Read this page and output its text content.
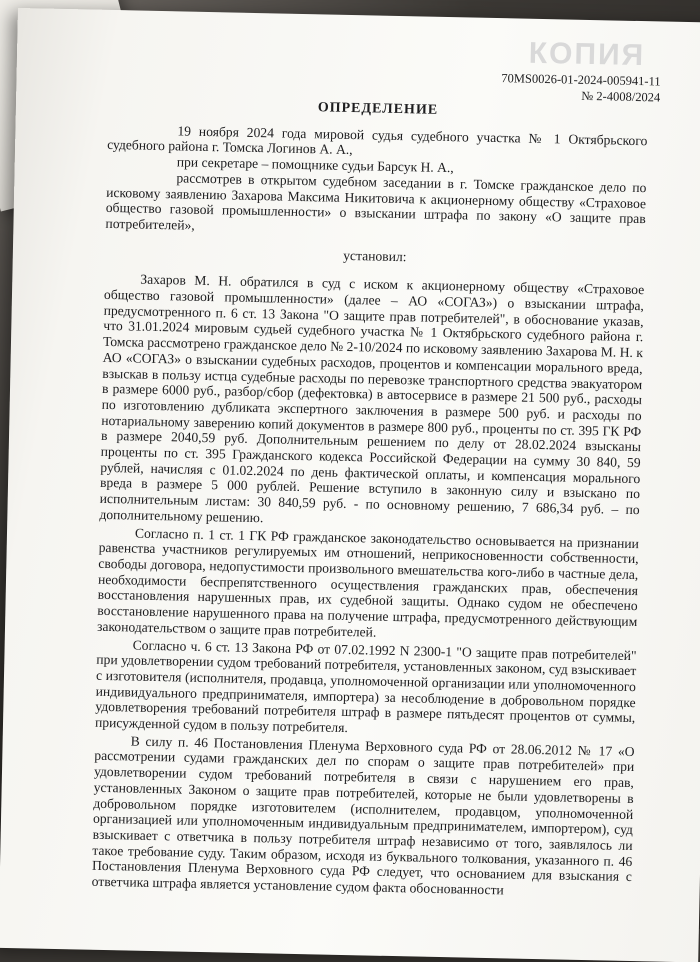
КОПИЯ
70MS0026-01-2024-005941-11
№ 2-4008/2024
ОПРЕДЕЛЕНИЕ

19 ноября 2024 года мировой судья судебного участка № 1 Октябрьского судебного района г. Томска Логинов А. А.,

при секретаре – помощнике судьи Барсук Н. А.,

рассмотрев в открытом судебном заседании в г. Томске гражданское дело по исковому заявлению Захарова Максима Никитовича к акционерному обществу «Страховое общество газовой промышленности» о взыскании штрафа по закону «О защите прав потребителей»,

установил:

Захаров М. Н. обратился в суд с иском к акционерному обществу «Страховое общество газовой промышленности» (далее – АО «СОГАЗ») о взыскании штрафа, предусмотренного п. 6 ст. 13 Закона "О защите прав потребителей", в обоснование указав, что 31.01.2024 мировым судьей судебного участка № 1 Октябрьского судебного района г. Томска рассмотрено гражданское дело № 2-10/2024 по исковому заявлению Захарова М. Н. к АО «СОГАЗ» о взыскании судебных расходов, процентов и компенсации морального вреда, взыскав в пользу истца судебные расходы по перевозке транспортного средства эвакуатором в размере 6000 руб., разбор/сбор (дефектовка) в автосервисе в размере 21 500 руб., расходы по изготовлению дубликата экспертного заключения в размере 500 руб. и расходы по нотариальному заверению копий документов в размере 800 руб., проценты по ст. 395 ГК РФ в размере 2040,59 руб. Дополнительным решением по делу от 28.02.2024 взысканы проценты по ст. 395 Гражданского кодекса Российской Федерации на сумму 30 840, 59 рублей, начисляя с 01.02.2024 по день фактической оплаты, и компенсация морального вреда в размере 5 000 рублей. Решение вступило в законную силу и взыскано по исполнительным листам: 30 840,59 руб. - по основному решению, 7 686,34 руб. – по дополнительному решению.

Согласно п. 1 ст. 1 ГК РФ гражданское законодательство основывается на признании равенства участников регулируемых им отношений, неприкосновенности собственности, свободы договора, недопустимости произвольного вмешательства кого-либо в частные дела, необходимости беспрепятственного осуществления гражданских прав, обеспечения восстановления нарушенных прав, их судебной защиты. Однако судом не обеспечено восстановление нарушенного права на получение штрафа, предусмотренного действующим законодательством о защите прав потребителей.

Согласно ч. 6 ст. 13 Закона РФ от 07.02.1992 N 2300-1 "О защите прав потребителей" при удовлетворении судом требований потребителя, установленных законом, суд взыскивает с изготовителя (исполнителя, продавца, уполномоченной организации или уполномоченного индивидуального предпринимателя, импортера) за несоблюдение в добровольном порядке удовлетворения требований потребителя штраф в размере пятьдесят процентов от суммы, присужденной судом в пользу потребителя.

В силу п. 46 Постановления Пленума Верховного суда РФ от 28.06.2012 № 17 «О рассмотрении судами гражданских дел по спорам о защите прав потребителей» при удовлетворении судом требований потребителя в связи с нарушением его прав, установленных Законом о защите прав потребителей, которые не были удовлетворены в добровольном порядке изготовителем (исполнителем, продавцом, уполномоченной организацией или уполномоченным индивидуальным предпринимателем, импортером), суд взыскивает с ответчика в пользу потребителя штраф независимо от того, заявлялось ли такое требование суду. Таким образом, исходя из буквального толкования, указанного п. 46 Постановления Пленума Верховного суда РФ следует, что основанием для взыскания с ответчика штрафа является установление судом факта обоснованности
